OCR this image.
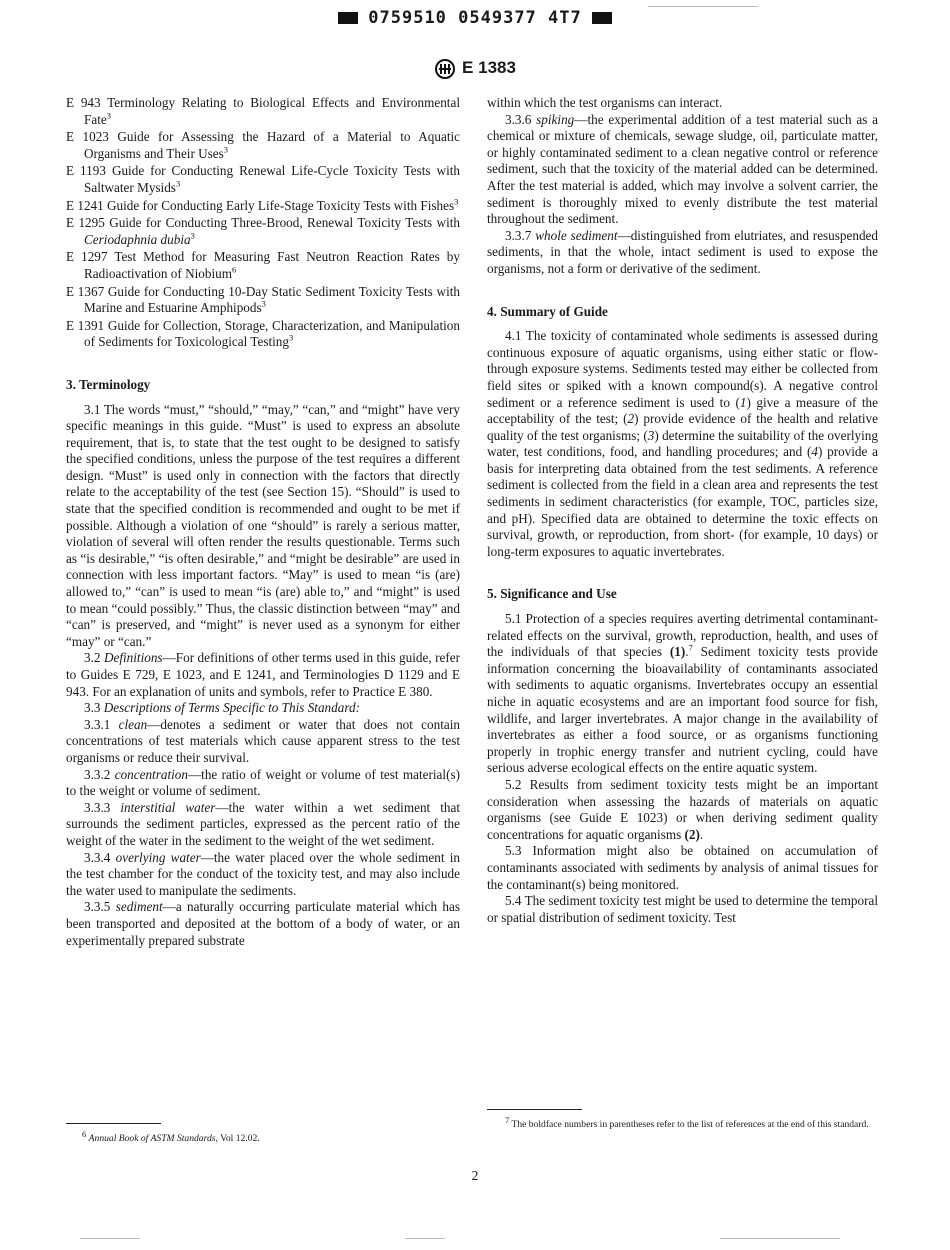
0759510 0549377 4T7
E 1383

E 943 Terminology Relating to Biological Effects and Environmental Fate$^3$

E 1023 Guide for Assessing the Hazard of a Material to Aquatic Organisms and Their Uses$^3$

E 1193 Guide for Conducting Renewal Life-Cycle Toxicity Tests with Saltwater Mysids$^3$

E 1241 Guide for Conducting Early Life-Stage Toxicity Tests with Fishes$^3$

E 1295 Guide for Conducting Three-Brood, Renewal Toxicity Tests with Ceriodaphnia dubia$^3$

E 1297 Test Method for Measuring Fast Neutron Reaction Rates by Radioactivation of Niobium$^6$

E 1367 Guide for Conducting 10-Day Static Sediment Toxicity Tests with Marine and Estuarine Amphipods$^3$

E 1391 Guide for Collection, Storage, Characterization, and Manipulation of Sediments for Toxicological Testing$^3$

3. Terminology

3.1 The words “must,” “should,” “may,” “can,” and “might” have very specific meanings in this guide. “Must” is used to express an absolute requirement, that is, to state that the test ought to be designed to satisfy the specified conditions, unless the purpose of the test requires a different design. “Must” is used only in connection with the factors that directly relate to the acceptability of the test (see Section 15). “Should” is used to state that the specified condition is recommended and ought to be met if possible. Although a violation of one “should” is rarely a serious matter, violation of several will often render the results questionable. Terms such as “is desirable,” “is often desirable,” and “might be desirable” are used in connection with less important factors. “May” is used to mean “is (are) allowed to,” “can” is used to mean “is (are) able to,” and “might” is used to mean “could possibly.” Thus, the classic distinction between “may” and “can” is preserved, and “might” is never used as a synonym for either “may” or “can.”

3.2 Definitions—For definitions of other terms used in this guide, refer to Guides E 729, E 1023, and E 1241, and Terminologies D 1129 and E 943. For an explanation of units and symbols, refer to Practice E 380.

3.3 Descriptions of Terms Specific to This Standard:

3.3.1 clean—denotes a sediment or water that does not contain concentrations of test materials which cause apparent stress to the test organisms or reduce their survival.

3.3.2 concentration—the ratio of weight or volume of test material(s) to the weight or volume of sediment.

3.3.3 interstitial water—the water within a wet sediment that surrounds the sediment particles, expressed as the percent ratio of the weight of the water in the sediment to the weight of the wet sediment.

3.3.4 overlying water—the water placed over the whole sediment in the test chamber for the conduct of the toxicity test, and may also include the water used to manipulate the sediments.

3.3.5 sediment—a naturally occurring particulate material which has been transported and deposited at the bottom of a body of water, or an experimentally prepared substrate

within which the test organisms can interact.

3.3.6 spiking—the experimental addition of a test material such as a chemical or mixture of chemicals, sewage sludge, oil, particulate matter, or highly contaminated sediment to a clean negative control or reference sediment, such that the toxicity of the material added can be determined. After the test material is added, which may involve a solvent carrier, the sediment is thoroughly mixed to evenly distribute the test material throughout the sediment.

3.3.7 whole sediment—distinguished from elutriates, and resuspended sediments, in that the whole, intact sediment is used to expose the organisms, not a form or derivative of the sediment.

4. Summary of Guide

4.1 The toxicity of contaminated whole sediments is assessed during continuous exposure of aquatic organisms, using either static or flow-through exposure systems. Sediments tested may either be collected from field sites or spiked with a known compound(s). A negative control sediment or a reference sediment is used to (1) give a measure of the acceptability of the test; (2) provide evidence of the health and relative quality of the test organisms; (3) determine the suitability of the overlying water, test conditions, food, and handling procedures; and (4) provide a basis for interpreting data obtained from the test sediments. A reference sediment is collected from the field in a clean area and represents the test sediments in sediment characteristics (for example, TOC, particles size, and pH). Specified data are obtained to determine the toxic effects on survival, growth, or reproduction, from short- (for example, 10 days) or long-term exposures to aquatic invertebrates.

5. Significance and Use

5.1 Protection of a species requires averting detrimental contaminant-related effects on the survival, growth, reproduction, health, and uses of the individuals of that species (1).$^7$ Sediment toxicity tests provide information concerning the bioavailability of contaminants associated with sediments to aquatic organisms. Invertebrates occupy an essential niche in aquatic ecosystems and are an important food source for fish, wildlife, and larger invertebrates. A major change in the availability of invertebrates as either a food source, or as organisms functioning properly in trophic energy transfer and nutrient cycling, could have serious adverse ecological effects on the entire aquatic system.

5.2 Results from sediment toxicity tests might be an important consideration when assessing the hazards of materials on aquatic organisms (see Guide E 1023) or when deriving sediment quality concentrations for aquatic organisms (2).

5.3 Information might also be obtained on accumulation of contaminants associated with sediments by analysis of animal tissues for the contaminant(s) being monitored.

5.4 The sediment toxicity test might be used to determine the temporal or spatial distribution of sediment toxicity. Test

$^6$ Annual Book of ASTM Standards, Vol 12.02.
$^7$ The boldface numbers in parentheses refer to the list of references at the end of this standard.
2
